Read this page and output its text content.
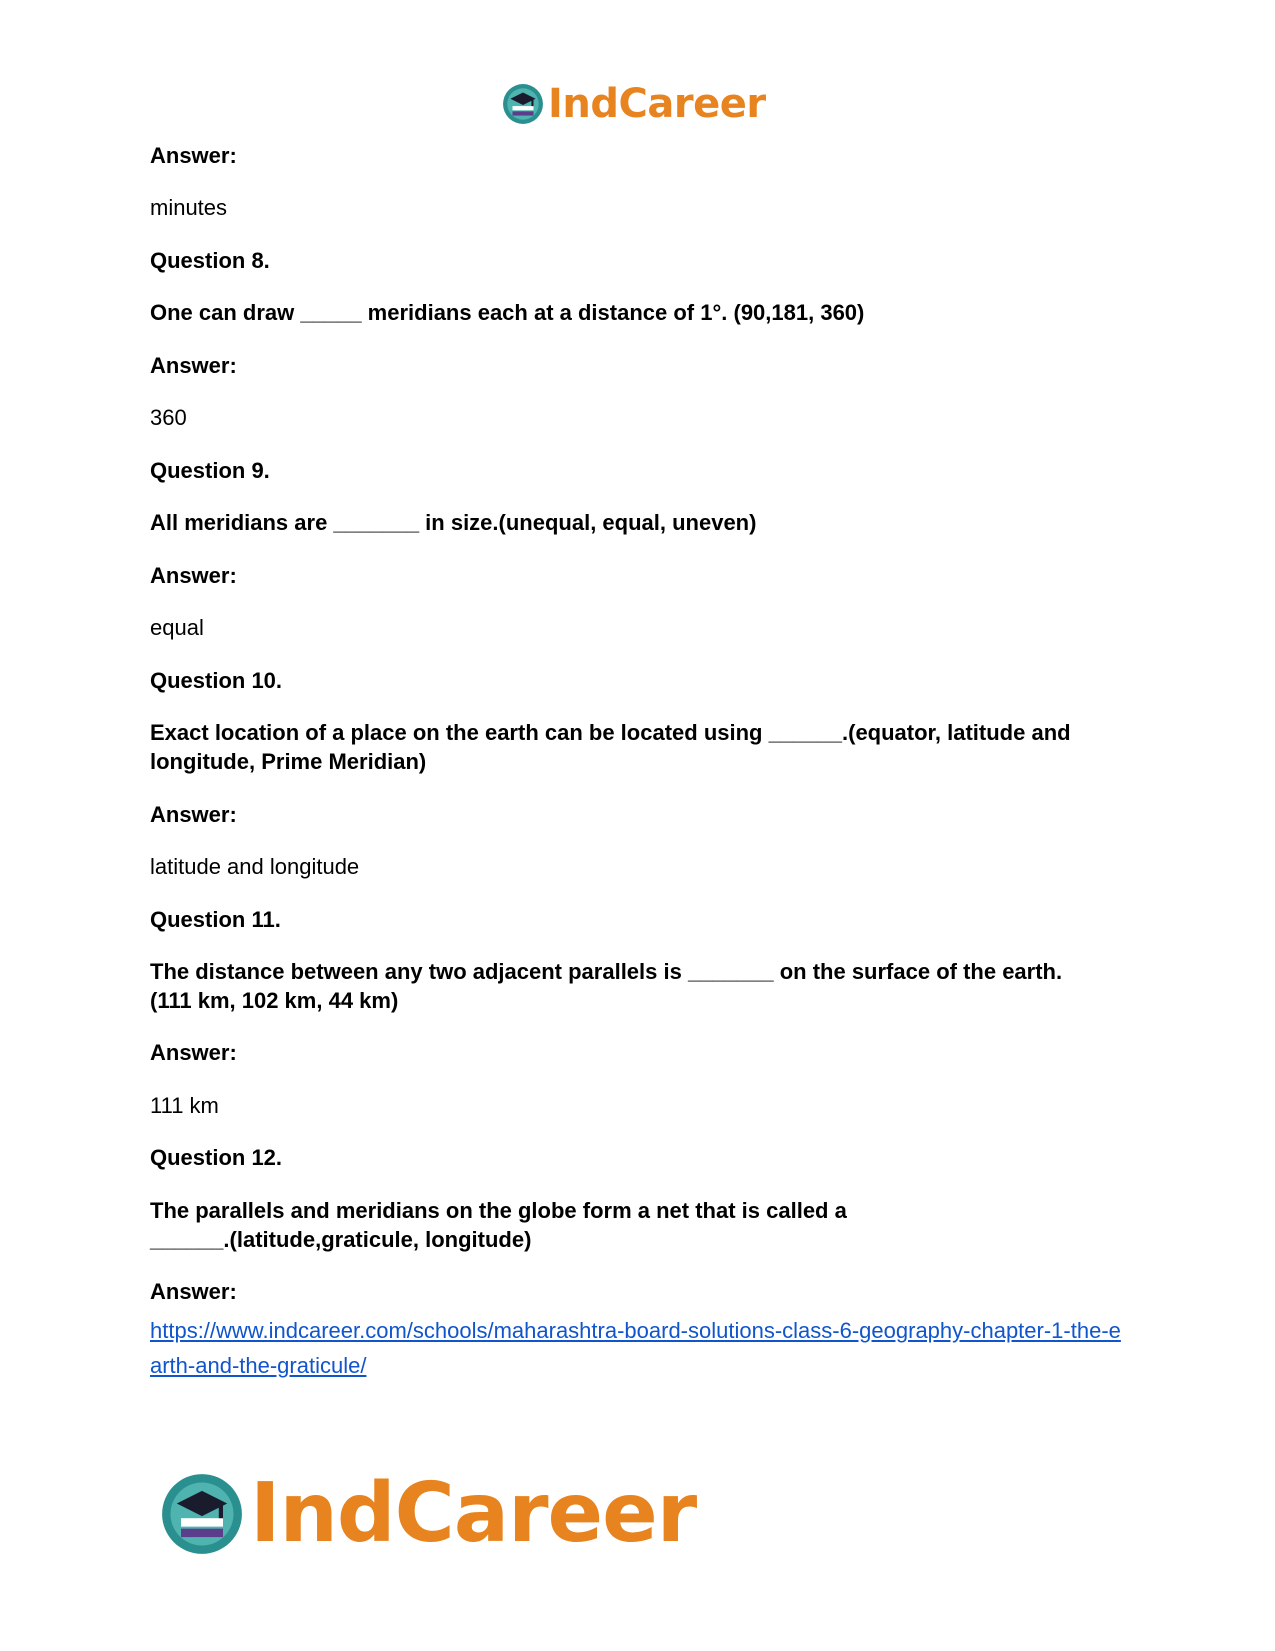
IndCareer
Answer:
minutes
Question 8.
One can draw _____ meridians each at a distance of 1°. (90,181, 360)
Answer:
360
Question 9.
All meridians are _______ in size.(unequal, equal, uneven)
Answer:
equal
Question 10.
Exact location of a place on the earth can be located using ______.(equator, latitude and
longitude, Prime Meridian)
Answer:
latitude and longitude
Question 11.
The distance between any two adjacent parallels is _______ on the surface of the earth.
(111 km, 102 km, 44 km)
Answer:
111 km
Question 12.
The parallels and meridians on the globe form a net that is called a
______.(latitude,graticule, longitude)
Answer:
https://www.indcareer.com/schools/maharashtra-board-solutions-class-6-geography-chapter-1-the-earth-and-the-graticule/
IndCareer
